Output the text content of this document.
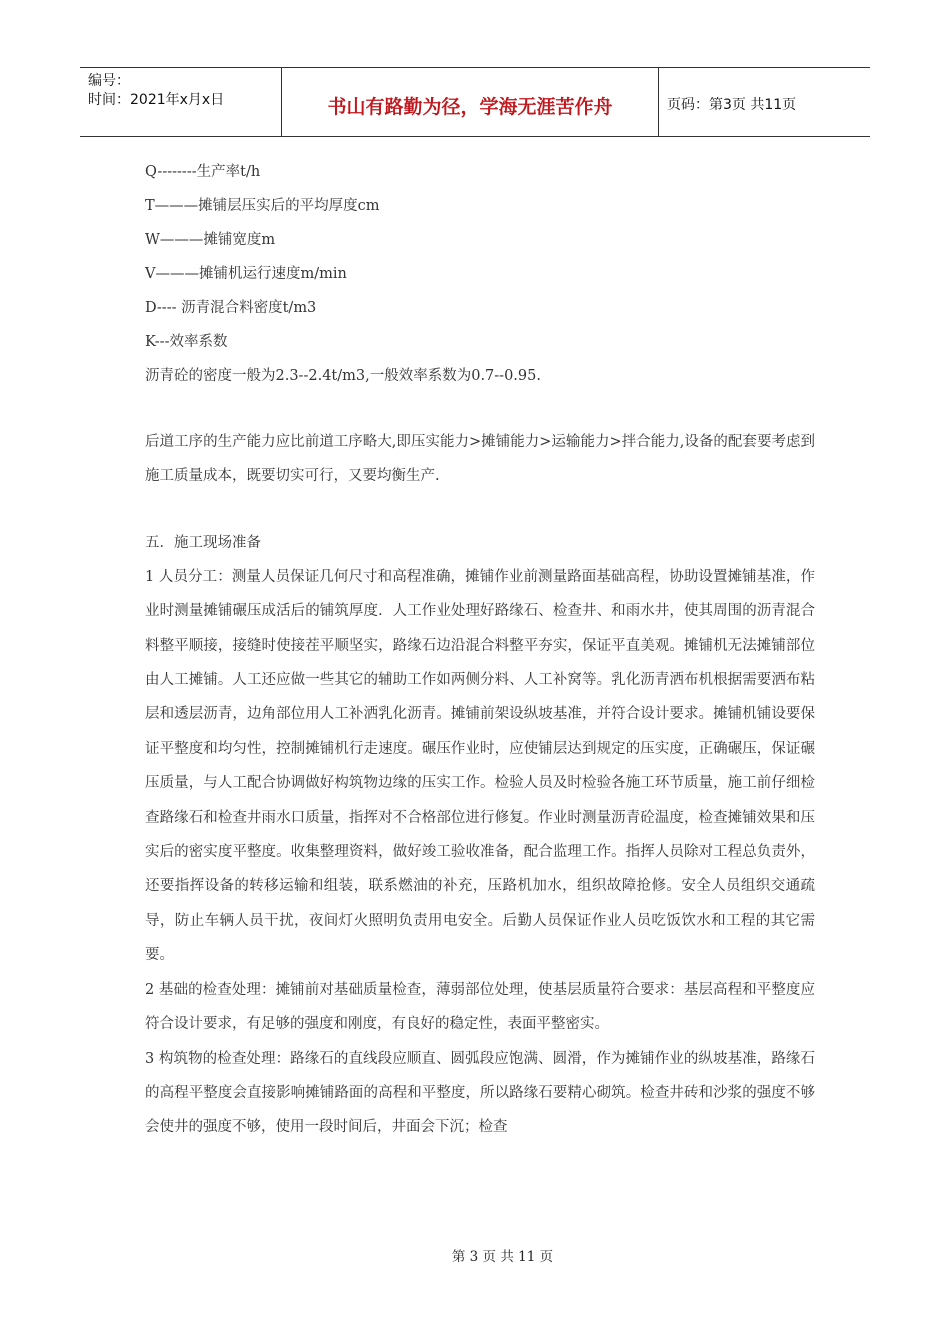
编号：
时间：2021年x月x日	书山有路勤为径，学海无涯苦作舟	页码：第3页 共11页
Q--------生产率t/h
T———摊铺层压实后的平均厚度cm
W———摊铺宽度m
V———摊铺机运行速度m/min
D---- 沥青混合料密度t/m3
K---效率系数
沥青砼的密度一般为2.3--2.4t/m3,一般效率系数为0.7--0.95.
后道工序的生产能力应比前道工序略大,即压实能力>摊铺能力>运输能力>拌合能力,设备的配套要考虑到施工质量成本，既要切实可行，又要均衡生产.
五．施工现场准备
1 人员分工：测量人员保证几何尺寸和高程准确，摊铺作业前测量路面基础高程，协助设置摊铺基准，作业时测量摊铺碾压成活后的铺筑厚度．人工作业处理好路缘石、检查井、和雨水井，使其周围的沥青混合料整平顺接，接缝时使接茬平顺坚实，路缘石边沿混合料整平夯实，保证平直美观。摊铺机无法摊铺部位由人工摊铺。人工还应做一些其它的辅助工作如两侧分料、人工补窝等。乳化沥青洒布机根据需要洒布粘层和透层沥青，边角部位用人工补洒乳化沥青。摊铺前架设纵坡基准，并符合设计要求。摊铺机铺设要保证平整度和均匀性，控制摊铺机行走速度。碾压作业时，应使铺层达到规定的压实度，正确碾压，保证碾压质量，与人工配合协调做好构筑物边缘的压实工作。检验人员及时检验各施工环节质量，施工前仔细检查路缘石和检查井雨水口质量，指挥对不合格部位进行修复。作业时测量沥青砼温度，检查摊铺效果和压实后的密实度平整度。收集整理资料，做好竣工验收准备，配合监理工作。指挥人员除对工程总负责外，还要指挥设备的转移运输和组装，联系燃油的补充，压路机加水，组织故障抢修。安全人员组织交通疏导，防止车辆人员干扰，夜间灯火照明负责用电安全。后勤人员保证作业人员吃饭饮水和工程的其它需要。
2 基础的检查处理：摊铺前对基础质量检查，薄弱部位处理，使基层质量符合要求：基层高程和平整度应符合设计要求，有足够的强度和刚度，有良好的稳定性，表面平整密实。
3 构筑物的检查处理：路缘石的直线段应顺直、圆弧段应饱满、圆滑，作为摊铺作业的纵坡基准，路缘石的高程平整度会直接影响摊铺路面的高程和平整度，所以路缘石要精心砌筑。检查井砖和沙浆的强度不够会使井的强度不够，使用一段时间后，井面会下沉；检查
第 3 页 共 11 页
